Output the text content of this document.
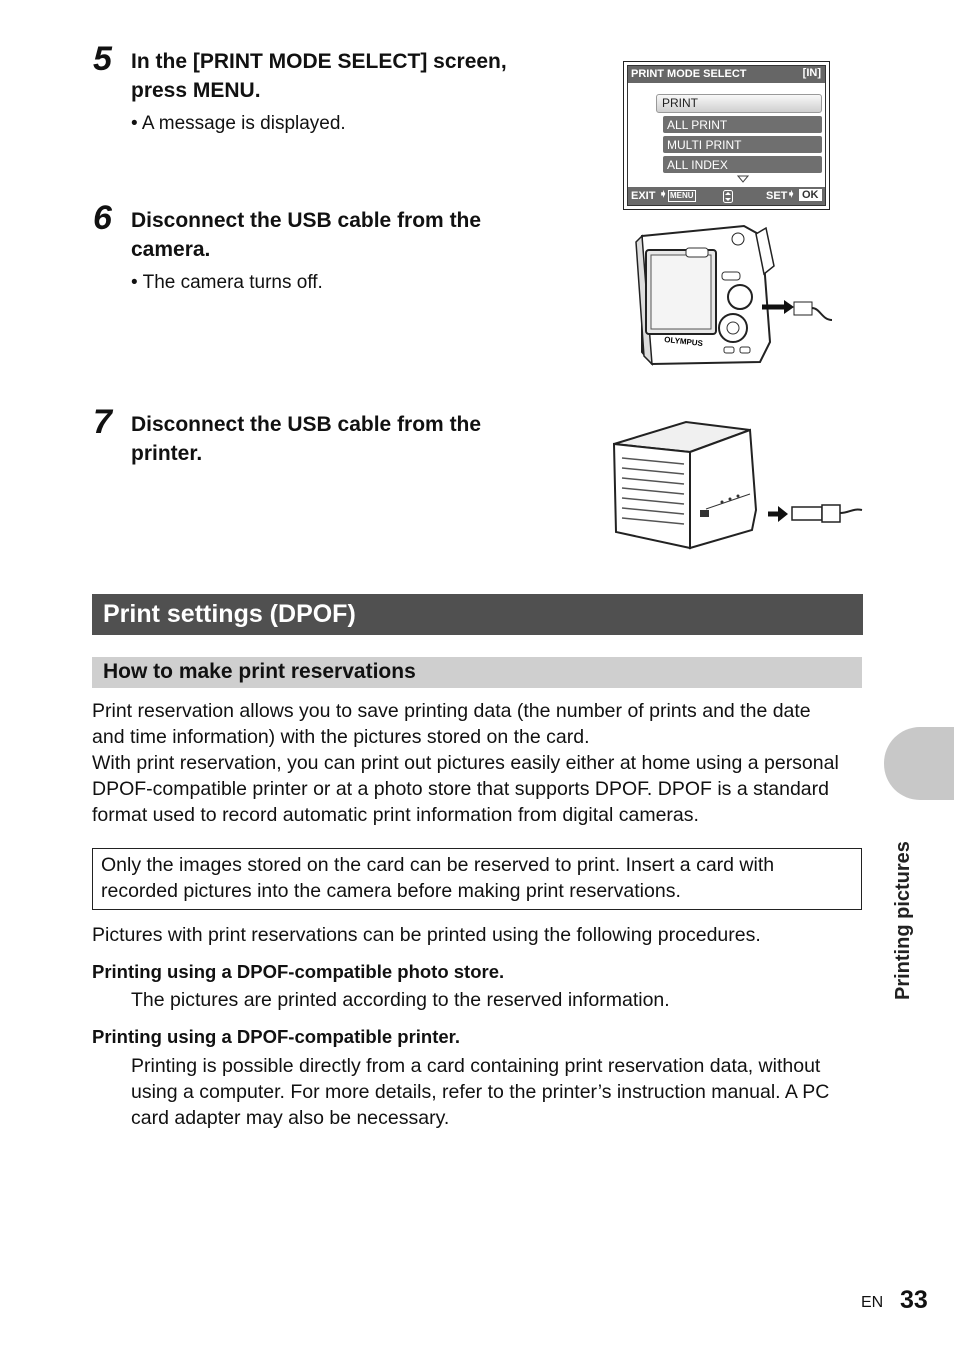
5 In the [PRINT MODE SELECT] screen,
press MENU.
• A message is displayed.
6 Disconnect the USB cable from the
camera.
• The camera turns off.
7 Disconnect the USB cable from the
printer.
PRINT MODE SELECT	[IN]
PRINT
ALL PRINT
MULTI PRINT
ALL INDEX
EXIT ➧ MENU	SET ➧ OK
OLYMPUS
Print settings (DPOF)
How to make print reservations
Print reservation allows you to save printing data (the number of prints and the date
and time information) with the pictures stored on the card.
With print reservation, you can print out pictures easily either at home using a personal
DPOF-compatible printer or at a photo store that supports DPOF. DPOF is a standard
format used to record automatic print information from digital cameras.
Only the images stored on the card can be reserved to print. Insert a card with
recorded pictures into the camera before making print reservations.
Pictures with print reservations can be printed using the following procedures.
Printing using a DPOF-compatible photo store.
The pictures are printed according to the reserved information.
Printing using a DPOF-compatible printer.
Printing is possible directly from a card containing print reservation data, without
using a computer. For more details, refer to the printer’s instruction manual. A PC
card adapter may also be necessary.
Printing pictures
EN 33
